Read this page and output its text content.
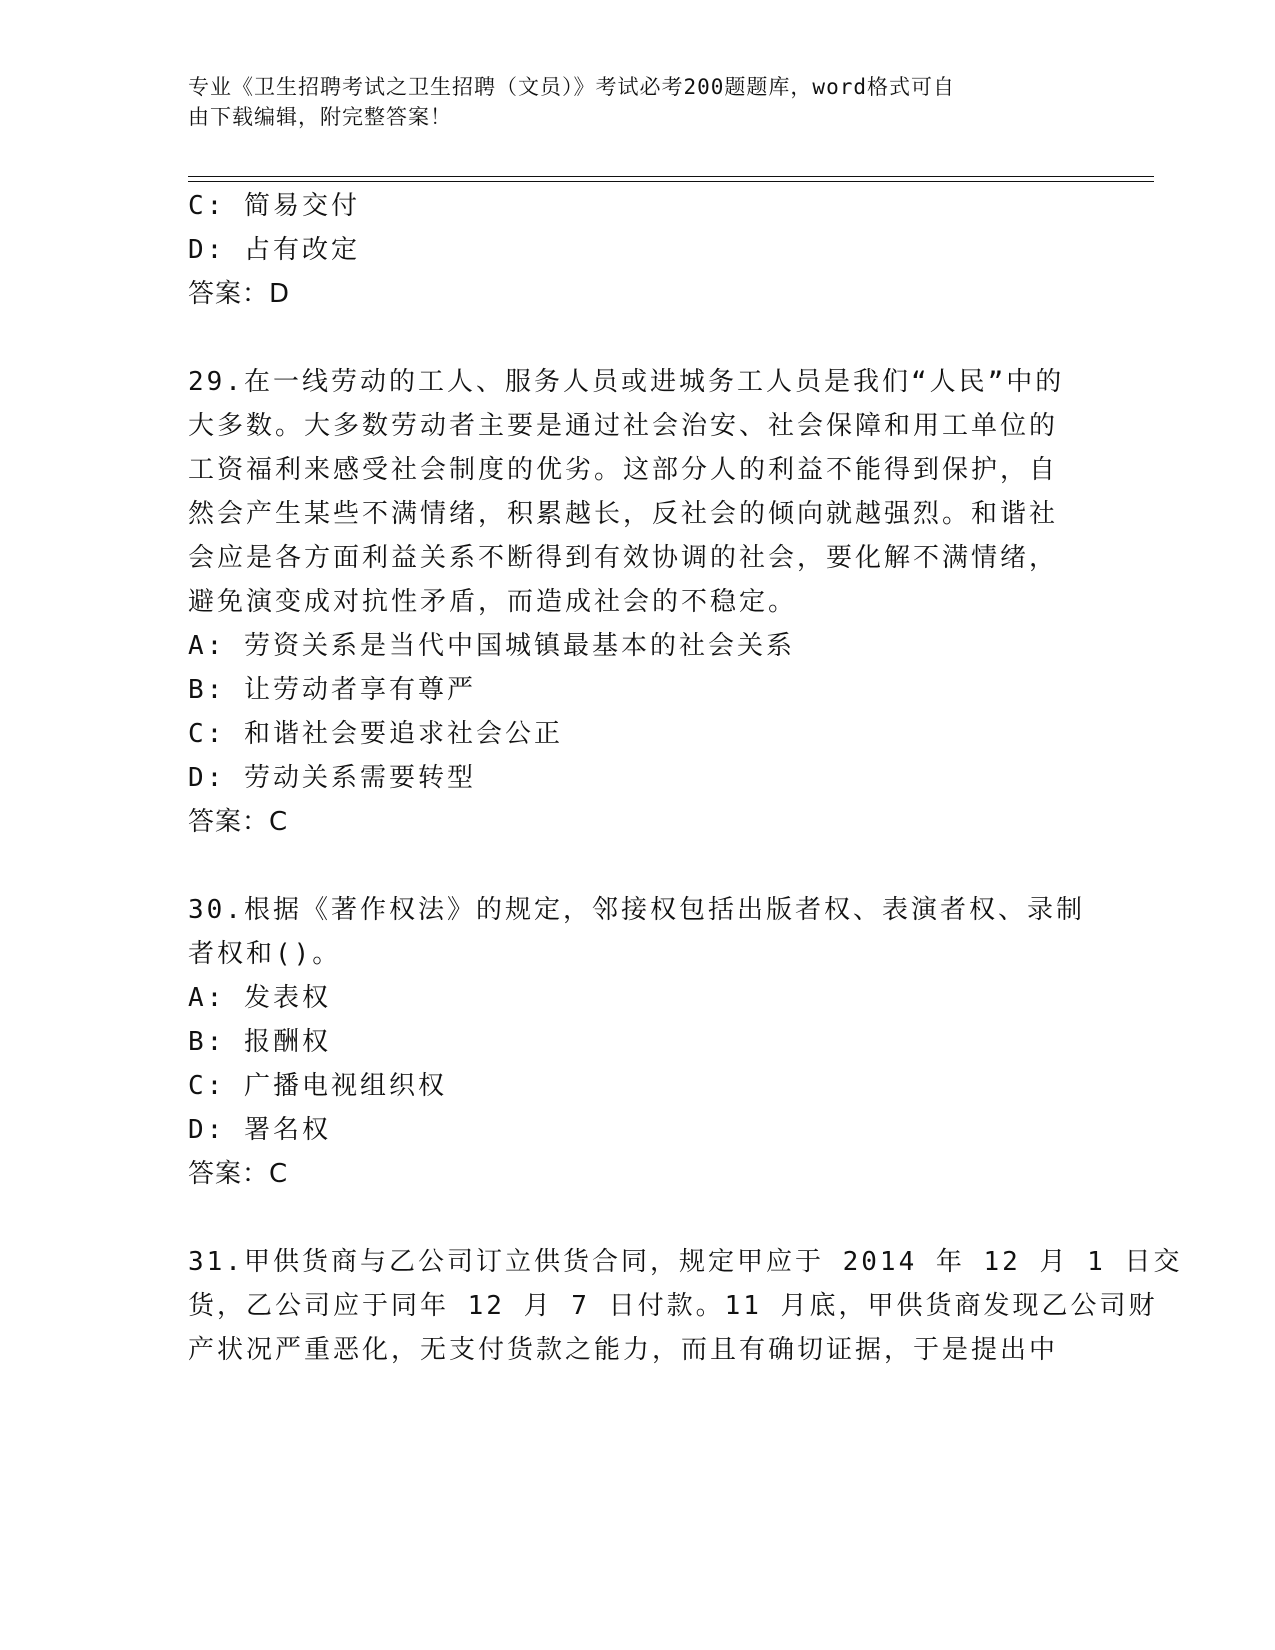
专业《卫生招聘考试之卫生招聘（文员）》考试必考200题题库，word格式可自
由下载编辑，附完整答案！
C: 简易交付
D: 占有改定
答案：D
29.在一线劳动的工人、服务人员或进城务工人员是我们“人民”中的
大多数。大多数劳动者主要是通过社会治安、社会保障和用工单位的
工资福利来感受社会制度的优劣。这部分人的利益不能得到保护，自
然会产生某些不满情绪，积累越长，反社会的倾向就越强烈。和谐社
会应是各方面利益关系不断得到有效协调的社会，要化解不满情绪，
避免演变成对抗性矛盾，而造成社会的不稳定。
A: 劳资关系是当代中国城镇最基本的社会关系
B: 让劳动者享有尊严
C: 和谐社会要追求社会公正
D: 劳动关系需要转型
答案：C
30.根据《著作权法》的规定，邻接权包括出版者权、表演者权、录制
者权和()。
A: 发表权
B: 报酬权
C: 广播电视组织权
D: 署名权
答案：C
31.甲供货商与乙公司订立供货合同，规定甲应于 2014 年 12 月 1 日交
货，乙公司应于同年 12 月 7 日付款。11 月底，甲供货商发现乙公司财
产状况严重恶化，无支付货款之能力，而且有确切证据，于是提出中
